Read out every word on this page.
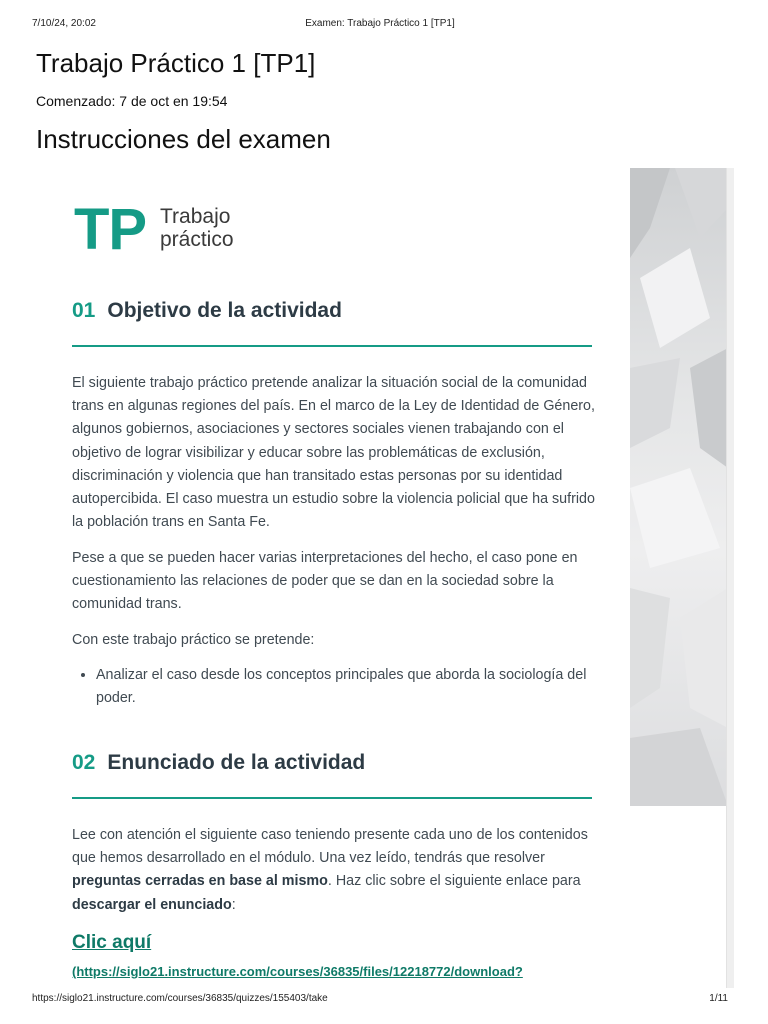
7/10/24, 20:02	Examen: Trabajo Práctico 1 [TP1]
Trabajo Práctico 1 [TP1]

Comenzado: 7 de oct en 19:54

Instrucciones del examen
TP Trabajo
práctico
01 Objetivo de la actividad

El siguiente trabajo práctico pretende analizar la situación social de la comunidad trans en algunas regiones del país. En el marco de la Ley de Identidad de Género, algunos gobiernos, asociaciones y sectores sociales vienen trabajando con el objetivo de lograr visibilizar y educar sobre las problemáticas de exclusión, discriminación y violencia que han transitado estas personas por su identidad autopercibida. El caso muestra un estudio sobre la violencia policial que ha sufrido la población trans en Santa Fe.

Pese a que se pueden hacer varias interpretaciones del hecho, el caso pone en cuestionamiento las relaciones de poder que se dan en la sociedad sobre la comunidad trans.

Con este trabajo práctico se pretende:

• Analizar el caso desde los conceptos principales que aborda la sociología del poder.
02 Enunciado de la actividad

Lee con atención el siguiente caso teniendo presente cada uno de los contenidos que hemos desarrollado en el módulo. Una vez leído, tendrás que resolver preguntas cerradas en base al mismo. Haz clic sobre el siguiente enlace para descargar el enunciado:

Clic aquí
(https://siglo21.instructure.com/courses/36835/files/12218772/download?
https://siglo21.instructure.com/courses/36835/quizzes/155403/take	1/11
